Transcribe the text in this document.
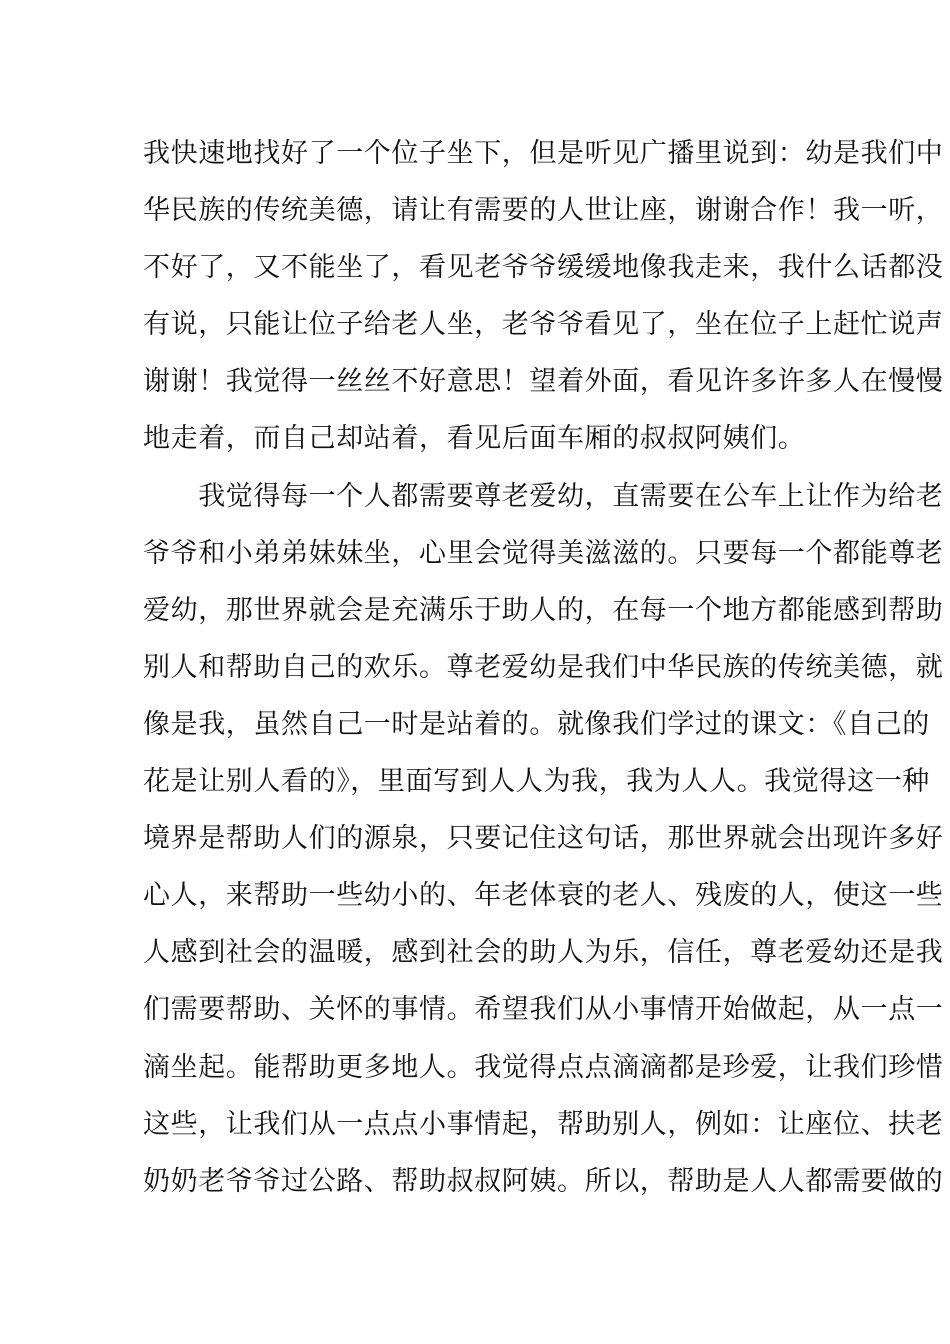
我快速地找好了一个位子坐下，但是听见广播里说到：幼是我们中
华民族的传统美德，请让有需要的人世让座，谢谢合作！我一听，
不好了，又不能坐了，看见老爷爷缓缓地像我走来，我什么话都没
有说，只能让位子给老人坐，老爷爷看见了，坐在位子上赶忙说声
谢谢！我觉得一丝丝不好意思！望着外面，看见许多许多人在慢慢
地走着，而自己却站着，看见后面车厢的叔叔阿姨们。
　　我觉得每一个人都需要尊老爱幼，直需要在公车上让作为给老
爷爷和小弟弟妹妹坐，心里会觉得美滋滋的。只要每一个都能尊老
爱幼，那世界就会是充满乐于助人的，在每一个地方都能感到帮助
别人和帮助自己的欢乐。尊老爱幼是我们中华民族的传统美德，就
像是我，虽然自己一时是站着的。就像我们学过的课文：《自己的
花是让别人看的》，里面写到人人为我，我为人人。我觉得这一种
境界是帮助人们的源泉，只要记住这句话，那世界就会出现许多好
心人，来帮助一些幼小的、年老体衰的老人、残废的人，使这一些
人感到社会的温暖，感到社会的助人为乐，信任，尊老爱幼还是我
们需要帮助、关怀的事情。希望我们从小事情开始做起，从一点一
滴坐起。能帮助更多地人。我觉得点点滴滴都是珍爱，让我们珍惜
这些，让我们从一点点小事情起，帮助别人，例如：让座位、扶老
奶奶老爷爷过公路、帮助叔叔阿姨。所以，帮助是人人都需要做的
